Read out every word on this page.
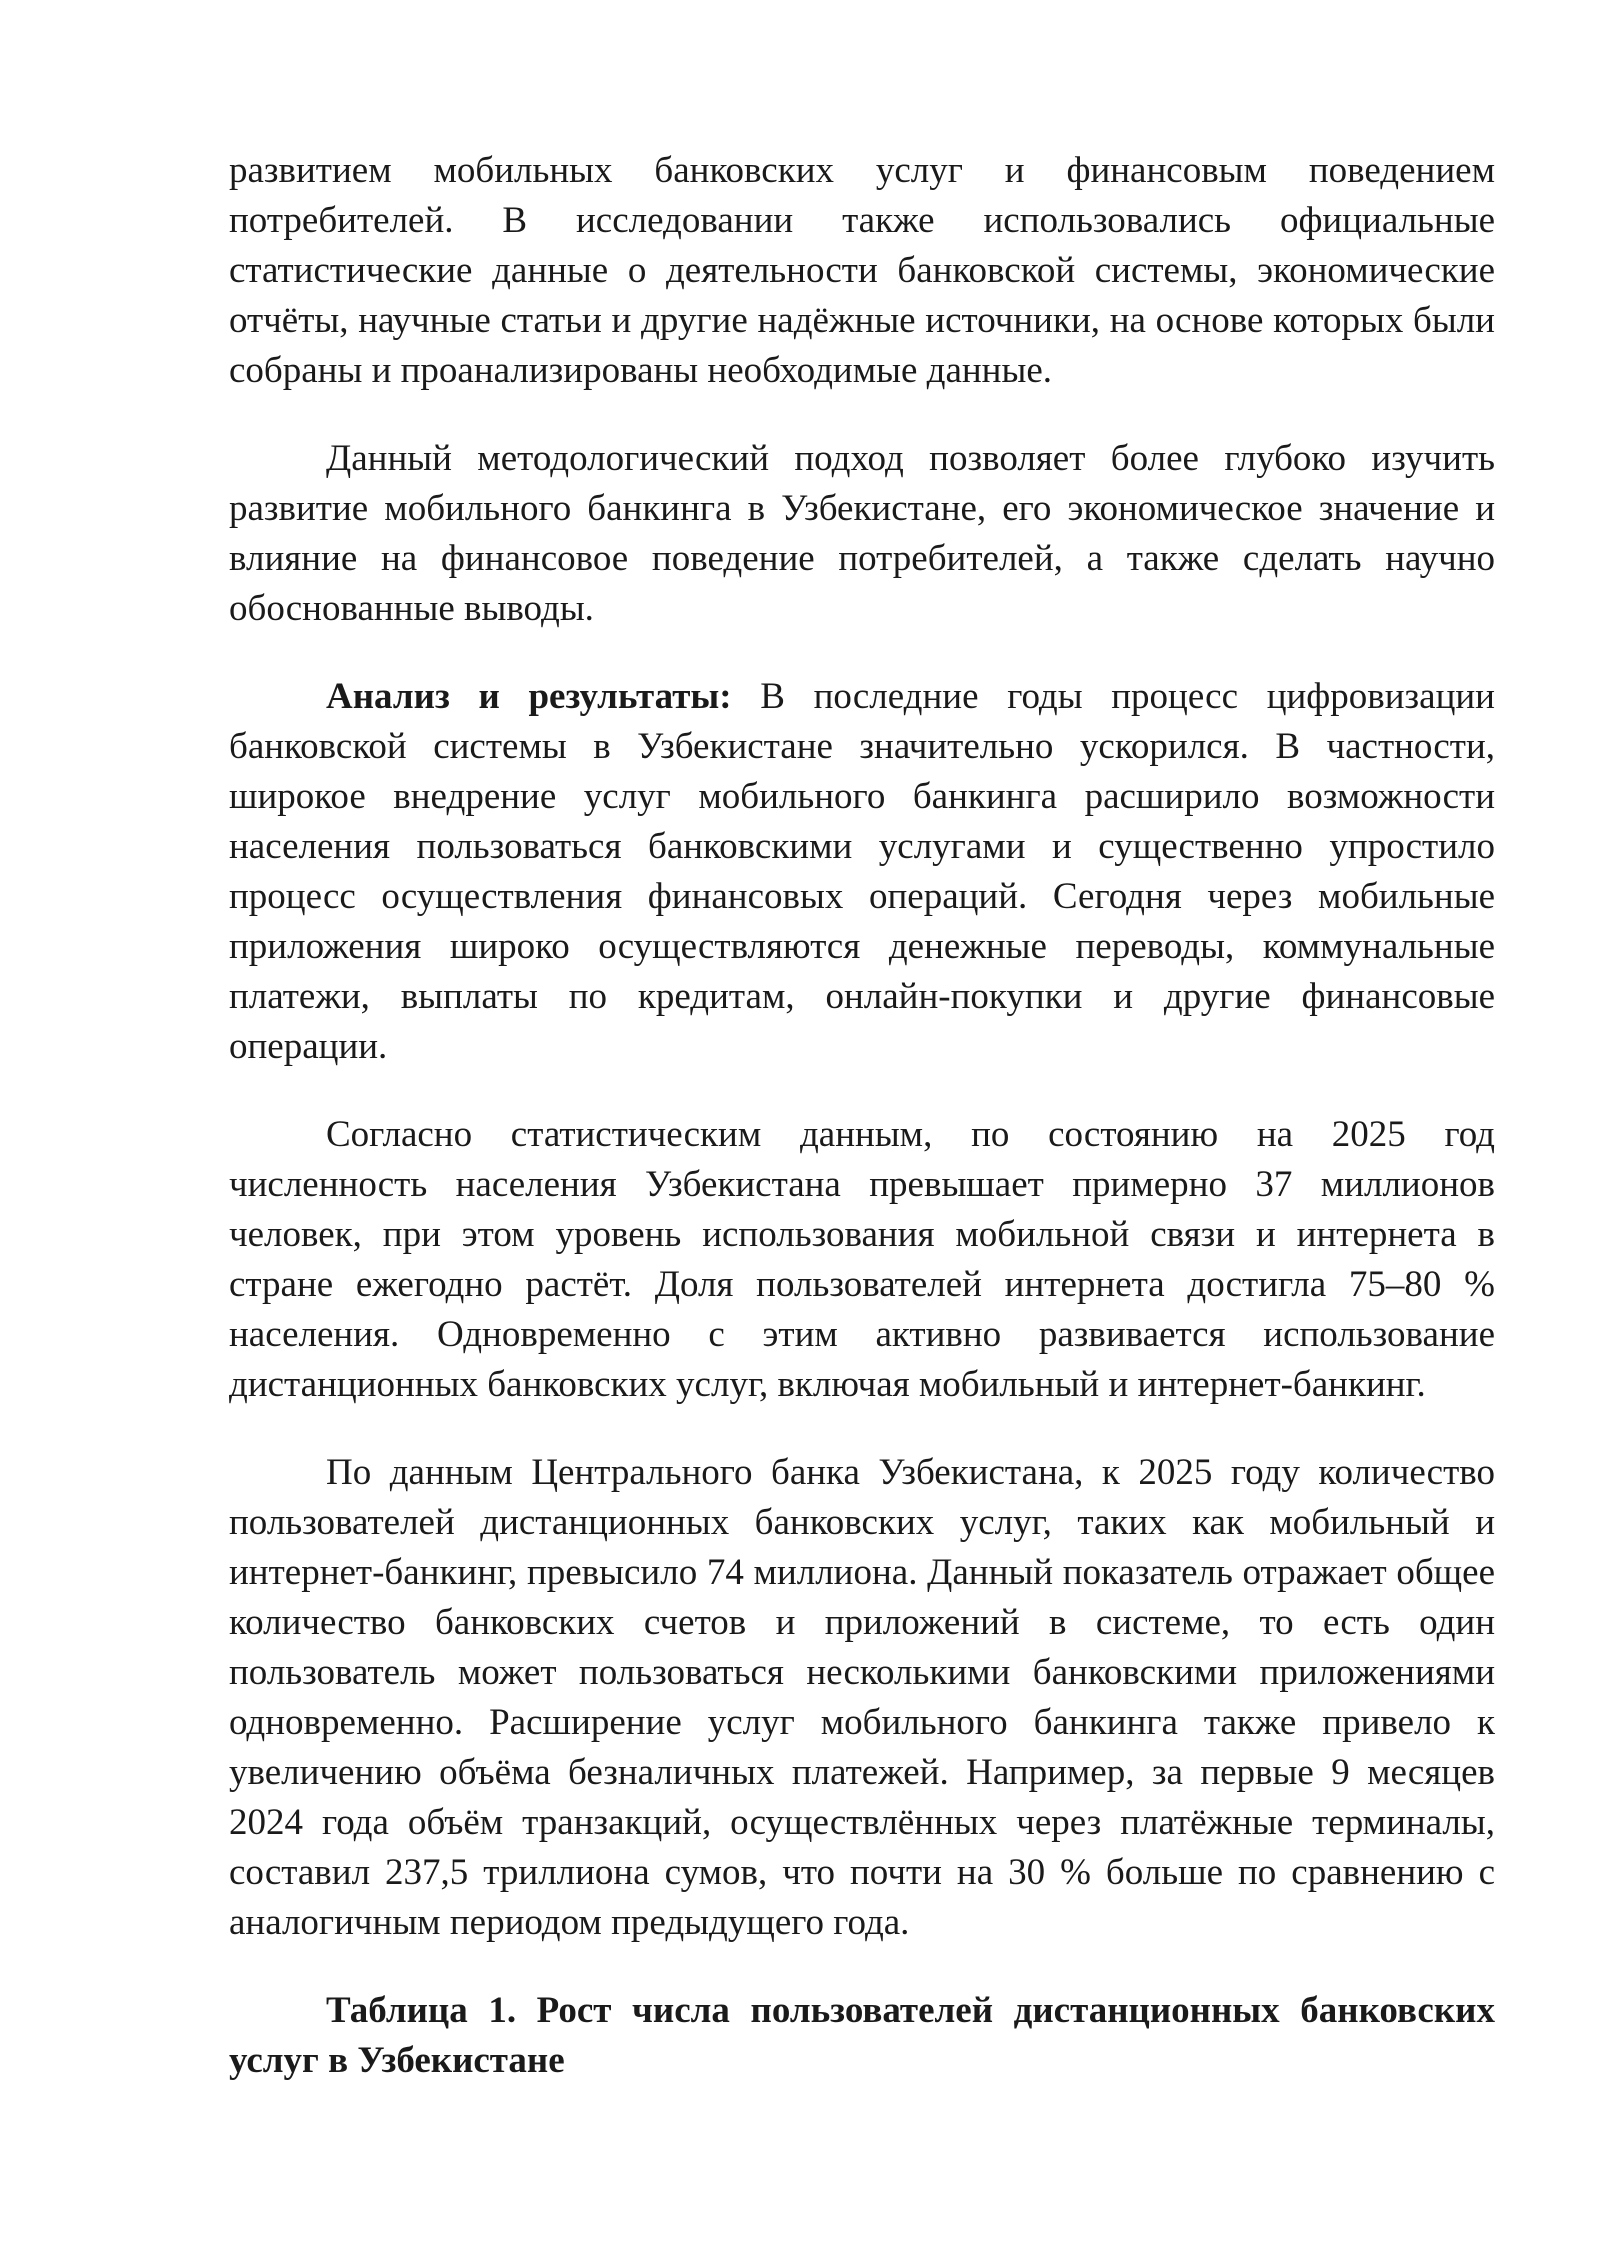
развитием мобильных банковских услуг и финансовым поведением потребителей. В исследовании также использовались официальные статистические данные о деятельности банковской системы, экономические отчёты, научные статьи и другие надёжные источники, на основе которых были собраны и проанализированы необходимые данные.

Данный методологический подход позволяет более глубоко изучить развитие мобильного банкинга в Узбекистане, его экономическое значение и влияние на финансовое поведение потребителей, а также сделать научно обоснованные выводы.

Анализ и результаты: В последние годы процесс цифровизации банковской системы в Узбекистане значительно ускорился. В частности, широкое внедрение услуг мобильного банкинга расширило возможности населения пользоваться банковскими услугами и существенно упростило процесс осуществления финансовых операций. Сегодня через мобильные приложения широко осуществляются денежные переводы, коммунальные платежи, выплаты по кредитам, онлайн-покупки и другие финансовые операции.

Согласно статистическим данным, по состоянию на 2025 год численность населения Узбекистана превышает примерно 37 миллионов человек, при этом уровень использования мобильной связи и интернета в стране ежегодно растёт. Доля пользователей интернета достигла 75–80 % населения. Одновременно с этим активно развивается использование дистанционных банковских услуг, включая мобильный и интернет-банкинг.

По данным Центрального банка Узбекистана, к 2025 году количество пользователей дистанционных банковских услуг, таких как мобильный и интернет-банкинг, превысило 74 миллиона. Данный показатель отражает общее количество банковских счетов и приложений в системе, то есть один пользователь может пользоваться несколькими банковскими приложениями одновременно. Расширение услуг мобильного банкинга также привело к увеличению объёма безналичных платежей. Например, за первые 9 месяцев 2024 года объём транзакций, осуществлённых через платёжные терминалы, составил 237,5 триллиона сумов, что почти на 30 % больше по сравнению с аналогичным периодом предыдущего года.

Таблица 1. Рост числа пользователей дистанционных банковских услуг в Узбекистане
